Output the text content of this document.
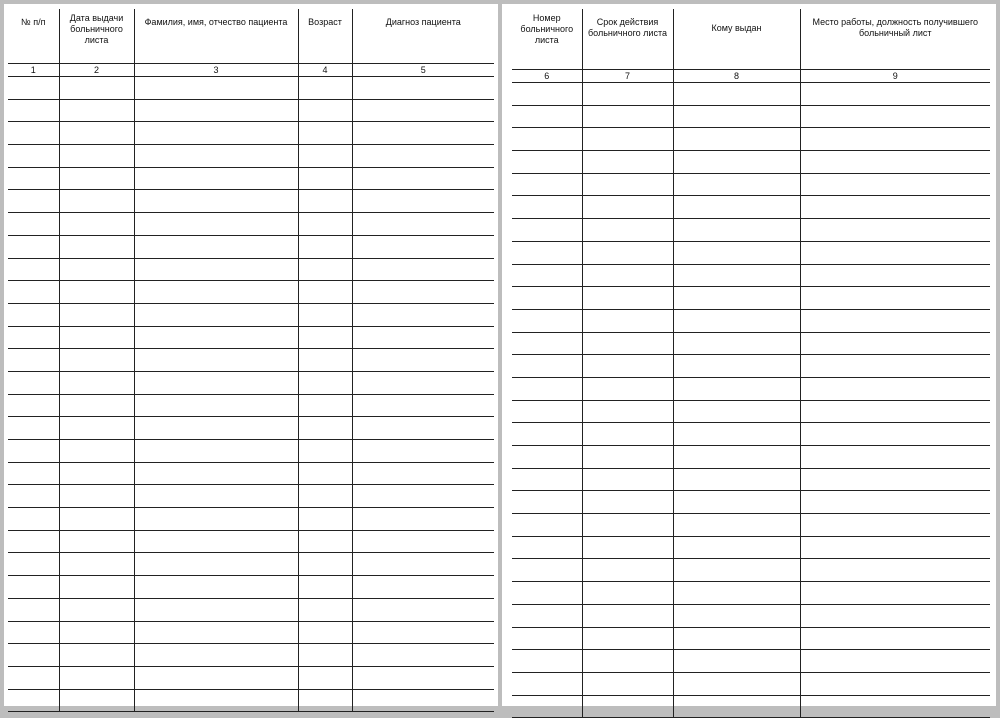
№ п/п	Дата выдачи больничного листа	Фамилия, имя, отчество пациента	Возраст	Диагноз пациента
1	2	3	4	5

Номер больничного листа	Срок действия больничного листа	Кому выдан	Место работы, должность получившего больничный лист
6	7	8	9
